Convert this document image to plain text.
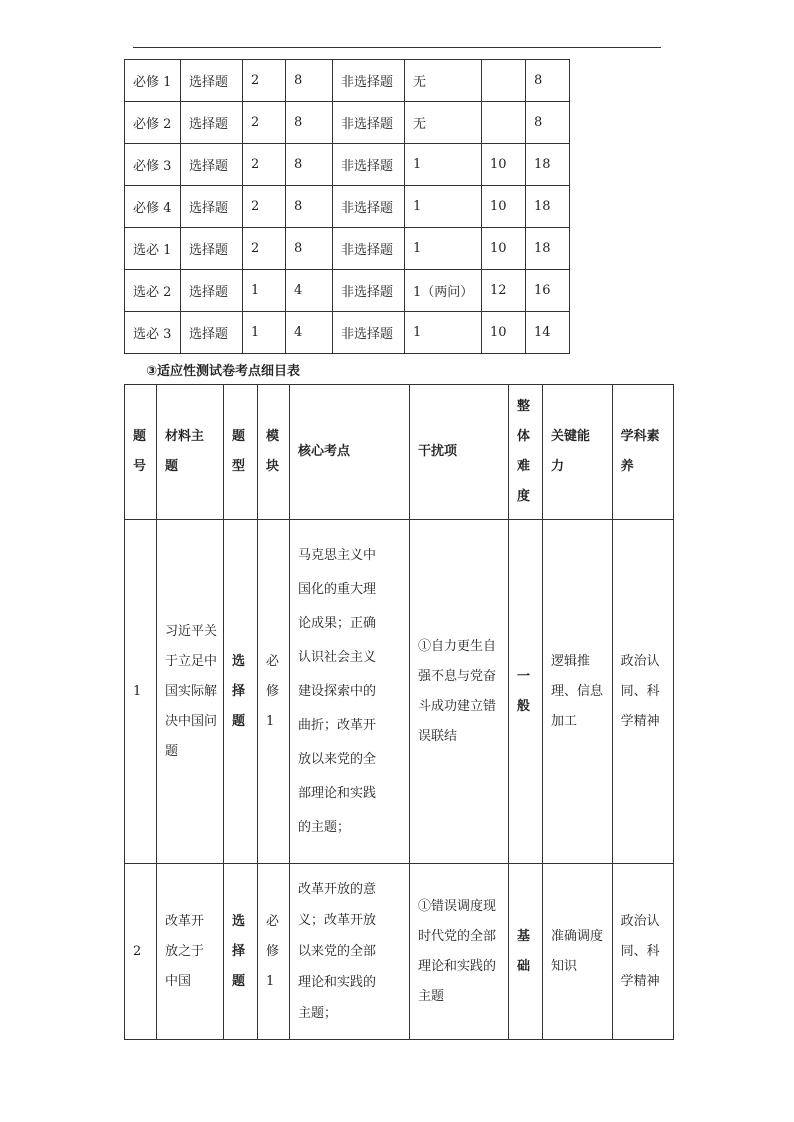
必修 1	选择题	2	8	非选择题	无		8
必修 2	选择题	2	8	非选择题	无		8
必修 3	选择题	2	8	非选择题	1	10	18
必修 4	选择题	2	8	非选择题	1	10	18
选必 1	选择题	2	8	非选择题	1	10	18
选必 2	选择题	1	4	非选择题	1（两问）	12	16
选必 3	选择题	1	4	非选择题	1	10	14
③适应性测试卷考点细目表
题号	材料主题	题型	模块	核心考点	干扰项	整体难度	关键能力	学科素养

1	习近平关于立足中国实际解决中国问题	选择题	必修1	马克思主义中国化的重大理论成果；正确认识社会主义建设探索中的曲折；改革开放以来党的全部理论和实践的主题；	①自力更生自强不息与党奋斗成功建立错误联结	一般	逻辑推理、信息加工	政治认同、科学精神

2	改革开放之于中国	选择题	必修1	改革开放的意义；改革开放以来党的全部理论和实践的主题；	①错误调度现时代党的全部理论和实践的主题	基础	准确调度知识	政治认同、科学精神
